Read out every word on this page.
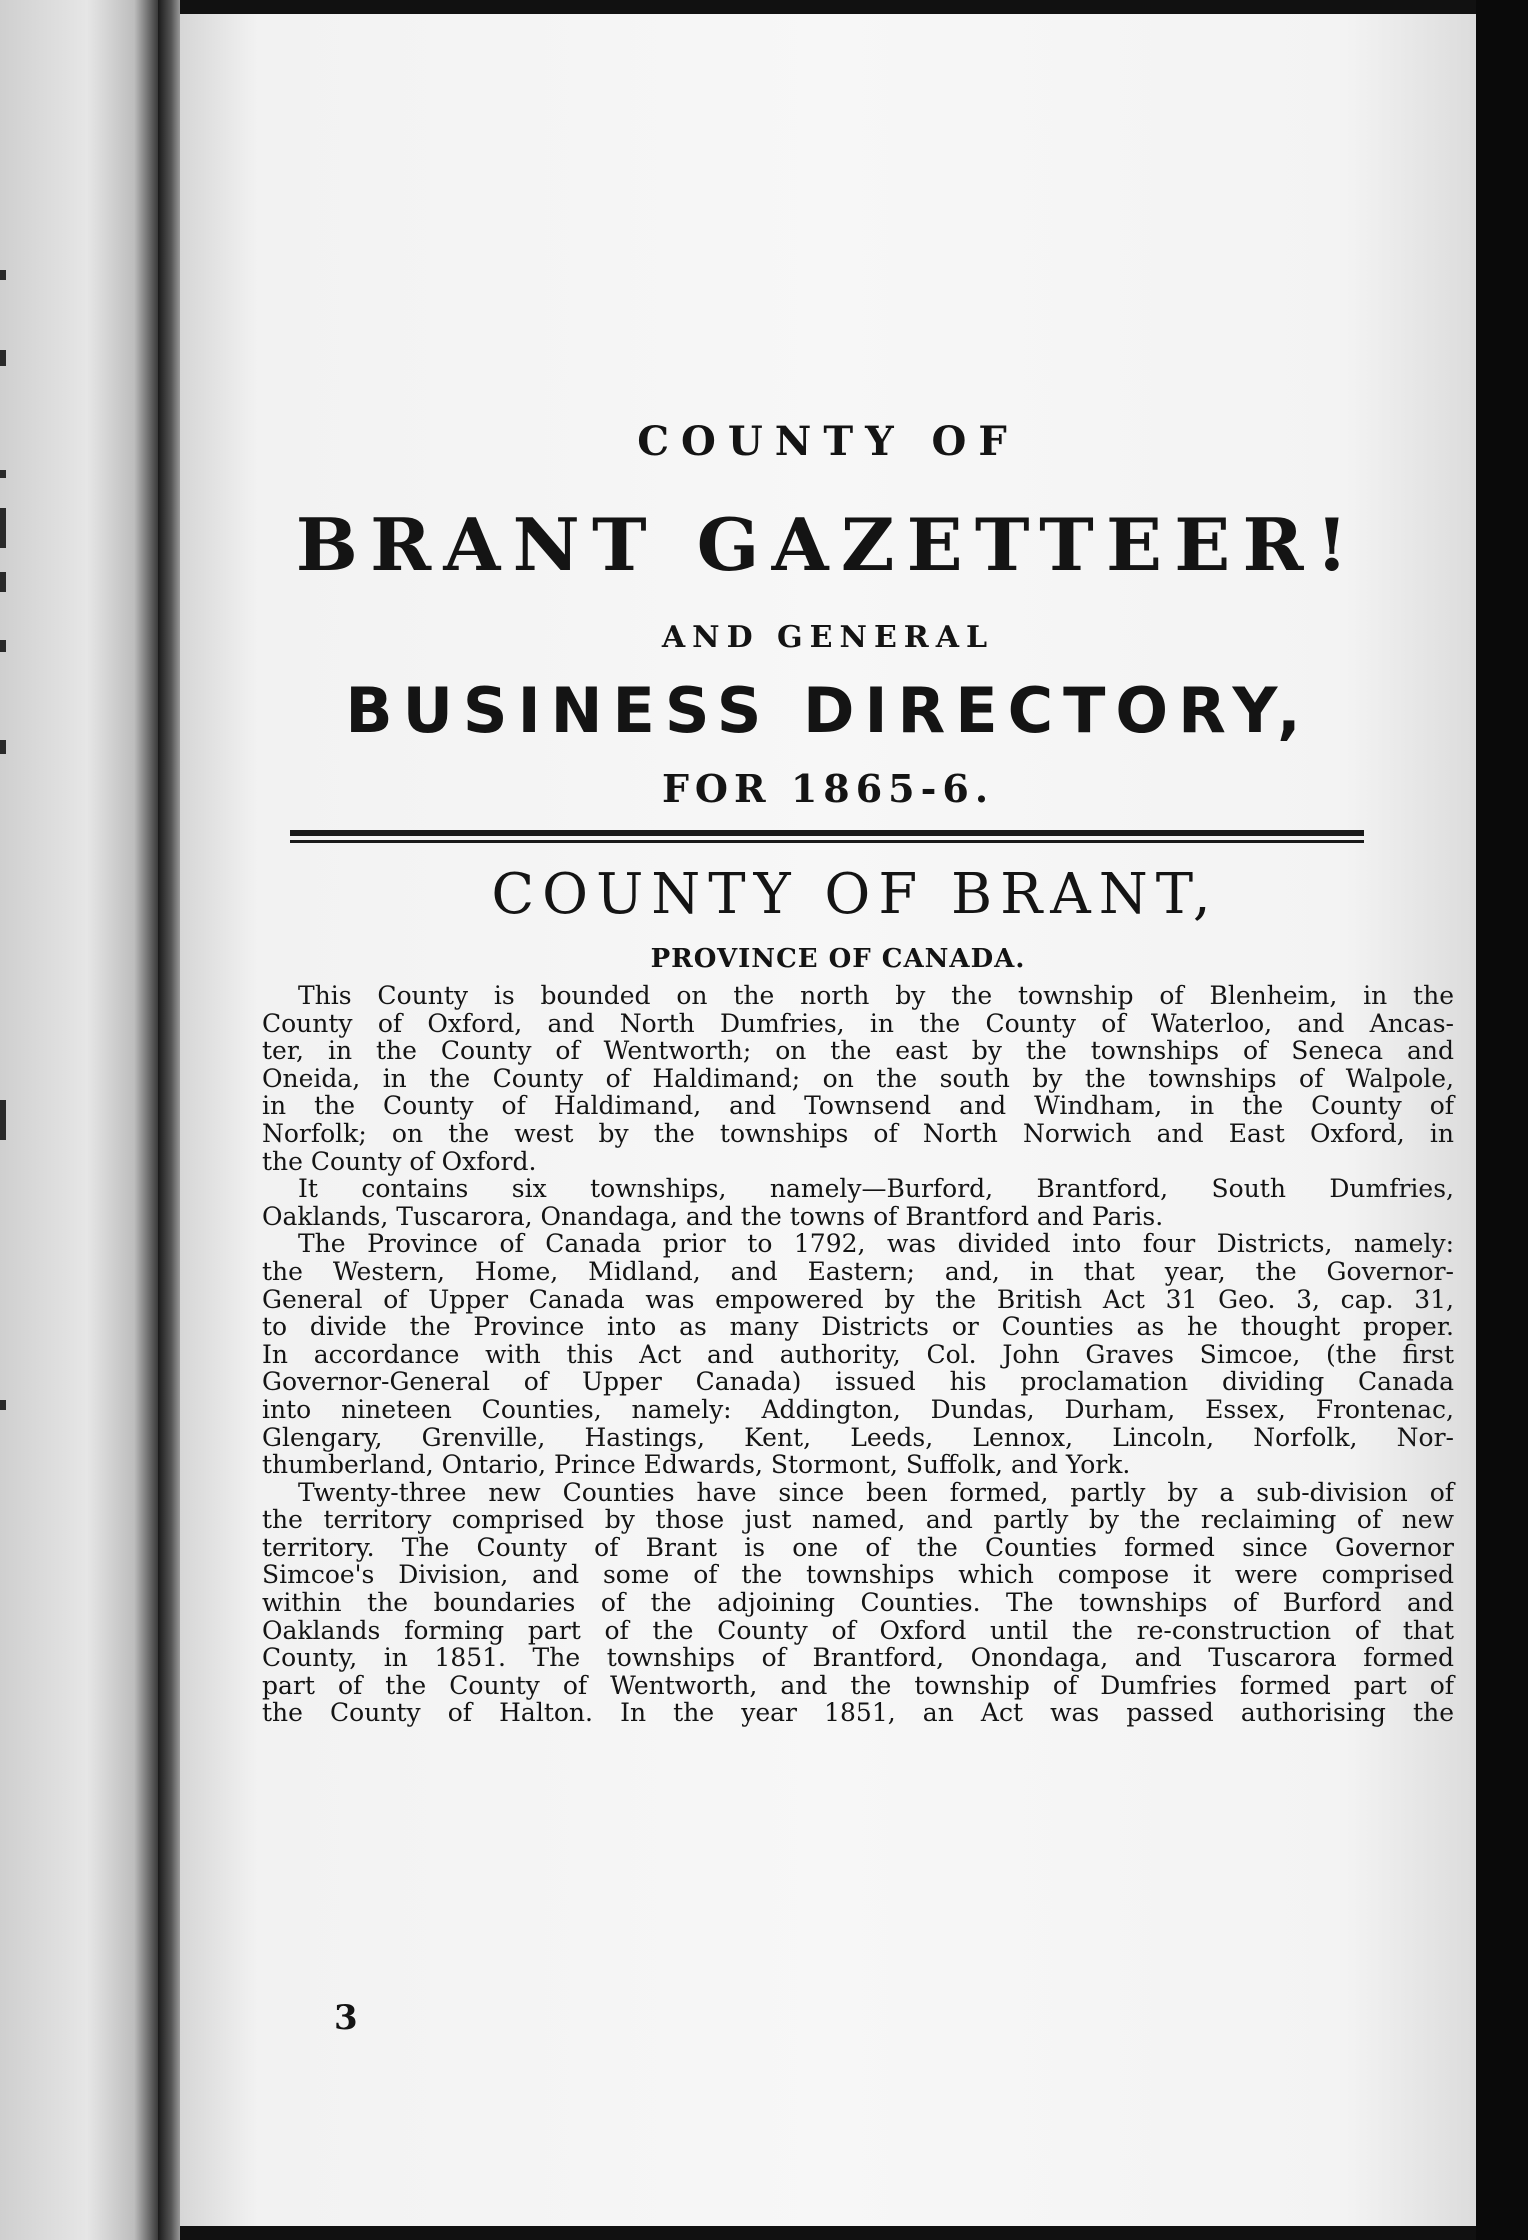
COUNTY OF
BRANT GAZETTEER!
AND GENERAL
BUSINESS DIRECTORY,
FOR 1865-6.
COUNTY OF BRANT,
PROVINCE OF CANADA.
This County is bounded on the north by the township of Blenheim, in the
County of Oxford, and North Dumfries, in the County of Waterloo, and Ancas-
ter, in the County of Wentworth; on the east by the townships of Seneca and
Oneida, in the County of Haldimand; on the south by the townships of Walpole,
in the County of Haldimand, and Townsend and Windham, in the County of
Norfolk; on the west by the townships of North Norwich and East Oxford, in
the County of Oxford.
It contains six townships, namely—Burford, Brantford, South Dumfries,
Oaklands, Tuscarora, Onandaga, and the towns of Brantford and Paris.
The Province of Canada prior to 1792, was divided into four Districts, namely:
the Western, Home, Midland, and Eastern; and, in that year, the Governor-
General of Upper Canada was empowered by the British Act 31 Geo. 3, cap. 31,
to divide the Province into as many Districts or Counties as he thought proper.
In accordance with this Act and authority, Col. John Graves Simcoe, (the first
Governor-General of Upper Canada) issued his proclamation dividing Canada
into nineteen Counties, namely: Addington, Dundas, Durham, Essex, Frontenac,
Glengary, Grenville, Hastings, Kent, Leeds, Lennox, Lincoln, Norfolk, Nor-
thumberland, Ontario, Prince Edwards, Stormont, Suffolk, and York.
Twenty-three new Counties have since been formed, partly by a sub-division of
the territory comprised by those just named, and partly by the reclaiming of new
territory. The County of Brant is one of the Counties formed since Governor
Simcoe's Division, and some of the townships which compose it were comprised
within the boundaries of the adjoining Counties. The townships of Burford and
Oaklands forming part of the County of Oxford until the re-construction of that
County, in 1851. The townships of Brantford, Onondaga, and Tuscarora formed
part of the County of Wentworth, and the township of Dumfries formed part of
the County of Halton. In the year 1851, an Act was passed authorising the
3
